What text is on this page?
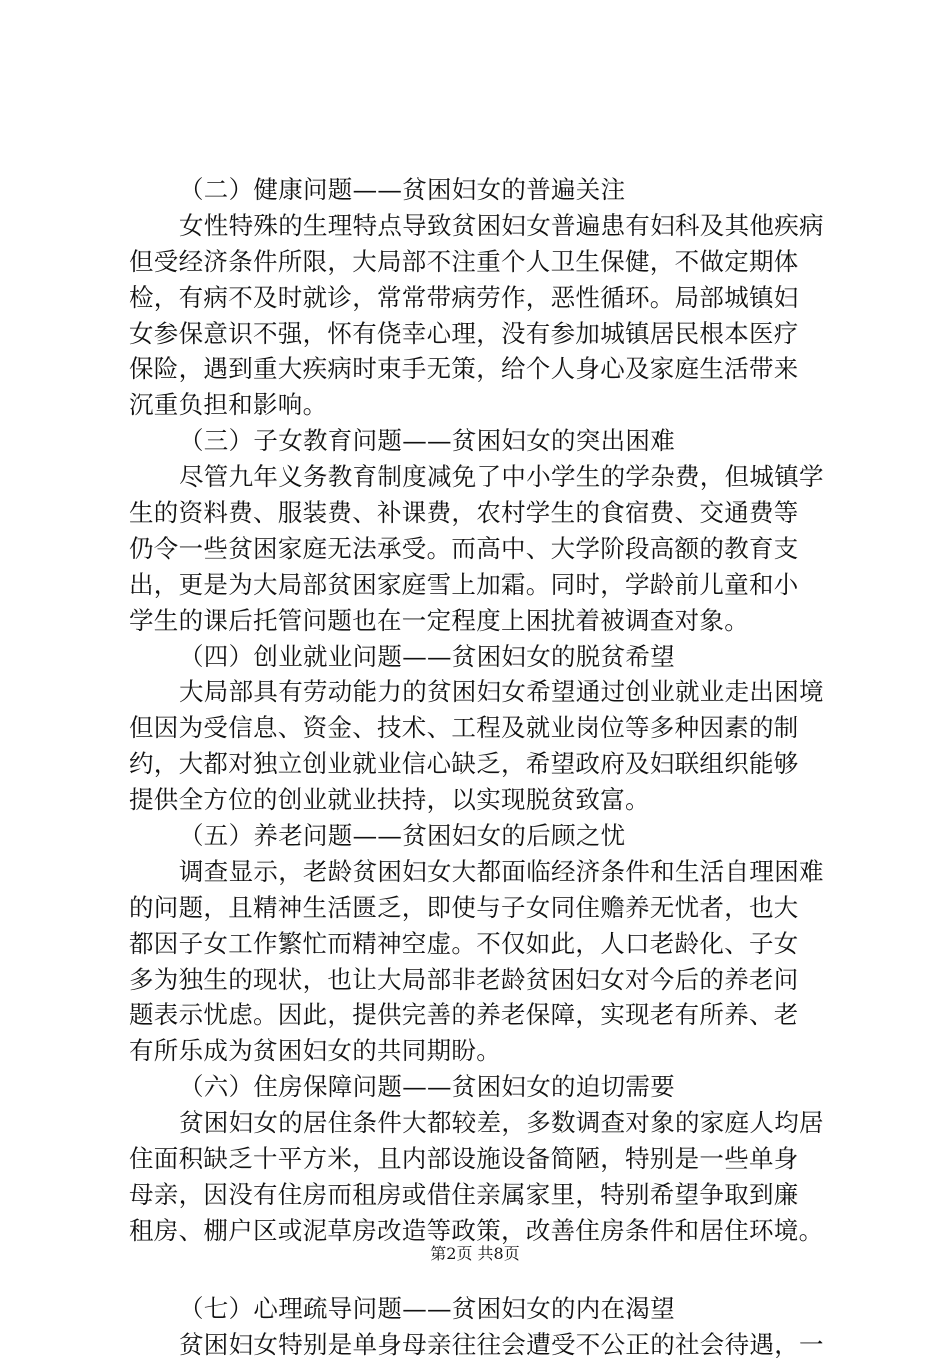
（二）健康问题——贫困妇女的普遍关注
女性特殊的生理特点导致贫困妇女普遍患有妇科及其他疾病
但受经济条件所限，大局部不注重个人卫生保健，不做定期体
检，有病不及时就诊，常常带病劳作，恶性循环。局部城镇妇
女参保意识不强，怀有侥幸心理，没有参加城镇居民根本医疗
保险，遇到重大疾病时束手无策，给个人身心及家庭生活带来
沉重负担和影响。
（三）子女教育问题——贫困妇女的突出困难
尽管九年义务教育制度减免了中小学生的学杂费，但城镇学
生的资料费、服装费、补课费，农村学生的食宿费、交通费等
仍令一些贫困家庭无法承受。而高中、大学阶段高额的教育支
出，更是为大局部贫困家庭雪上加霜。同时，学龄前儿童和小
学生的课后托管问题也在一定程度上困扰着被调查对象。
（四）创业就业问题——贫困妇女的脱贫希望
大局部具有劳动能力的贫困妇女希望通过创业就业走出困境
但因为受信息、资金、技术、工程及就业岗位等多种因素的制
约，大都对独立创业就业信心缺乏，希望政府及妇联组织能够
提供全方位的创业就业扶持，以实现脱贫致富。
（五）养老问题——贫困妇女的后顾之忧
调查显示，老龄贫困妇女大都面临经济条件和生活自理困难
的问题，且精神生活匮乏，即使与子女同住赡养无忧者，也大
都因子女工作繁忙而精神空虚。不仅如此，人口老龄化、子女
多为独生的现状，也让大局部非老龄贫困妇女对今后的养老问
题表示忧虑。因此，提供完善的养老保障，实现老有所养、老
有所乐成为贫困妇女的共同期盼。
（六）住房保障问题——贫困妇女的迫切需要
贫困妇女的居住条件大都较差，多数调查对象的家庭人均居
住面积缺乏十平方米，且内部设施设备简陋，特别是一些单身
母亲，因没有住房而租房或借住亲属家里，特别希望争取到廉
租房、棚户区或泥草房改造等政策，改善住房条件和居住环境。
（七）心理疏导问题——贫困妇女的内在渴望
贫困妇女特别是单身母亲往往会遭受不公正的社会待遇，一
第2页 共8页
